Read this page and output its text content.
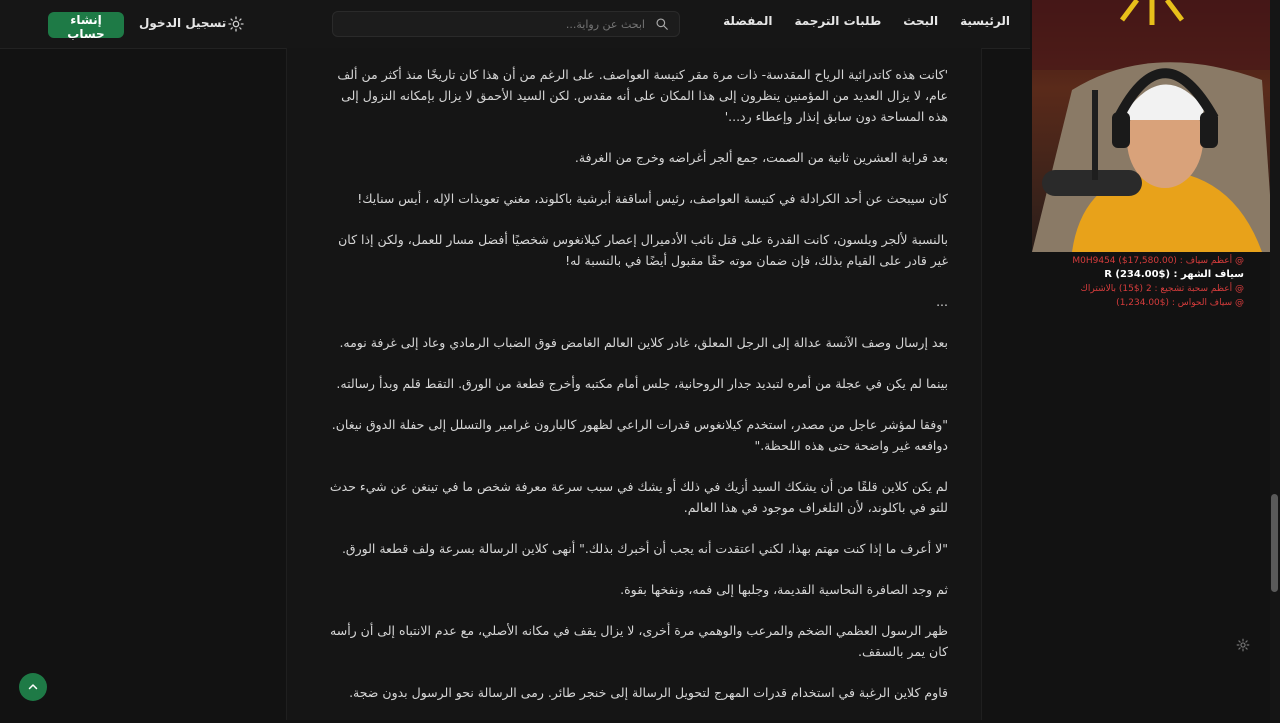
الرئيسية
البحث
طلبات الترجمة
المفضلة
ابحث عن رواية...
تسجيل الدخول
إنشاء حساب

'كانت هذه كاتدرائية الرياح المقدسة- ذات مرة مقر كنيسة العواصف. على الرغم من أن هذا كان تاريخًا منذ أكثر من ألف عام، لا يزال العديد من المؤمنين ينظرون إلى هذا المكان على أنه مقدس. لكن السيد الأحمق لا يزال بإمكانه النزول إلى هذه المساحة دون سابق إنذار وإعطاء رد...'

بعد قرابة العشرين ثانية من الصمت، جمع ألجر أغراضه وخرج من الغرفة.

كان سيبحث عن أحد الكرادلة في كنيسة العواصف، رئيس أساقفة أبرشية باكلوند، مغني تعويذات الإله ، أيس سنايك!

بالنسبة لألجر ويلسون، كانت القدرة على قتل نائب الأدميرال إعصار كيلانغوس شخصيًا أفضل مسار للعمل، ولكن إذا كان غير قادر على القيام بذلك، فإن ضمان موته حقًا مقبول أيضًا في بالنسبة له!

...

بعد إرسال وصف الآنسة عدالة إلى الرجل المعلق، غادر كلاين العالم الغامض فوق الضباب الرمادي وعاد إلى غرفة نومه.

بينما لم يكن في عجلة من أمره لتبديد جدار الروحانية، جلس أمام مكتبه وأخرج قطعة من الورق. التقط قلم وبدأ رسالته.

"وفقا لمؤشر عاجل من مصدر، استخدم كيلانغوس قدرات الراعي لظهور كالبارون غرامير والتسلل إلى حفلة الدوق نيغان. دوافعه غير واضحة حتى هذه اللحظة."

لم يكن كلاين قلقًا من أن يشكك السيد أزيك في ذلك أو يشك في سبب سرعة معرفة شخص ما في تينغن عن شيء حدث للتو في باكلوند، لأن التلغراف موجود في هذا العالم.

"لا أعرف ما إذا كنت مهتم بهذا، لكني اعتقدت أنه يجب أن أخبرك بذلك." أنهى كلاين الرسالة بسرعة ولف قطعة الورق.

ثم وجد الصافرة النحاسية القديمة، وجلبها إلى فمه، ونفخها بقوة.

ظهر الرسول العظمي الضخم والمرعب والوهمي مرة أخرى، لا يزال يقف في مكانه الأصلي، مع عدم الانتباه إلى أن رأسه كان يمر بالسقف.

قاوم كلاين الرغبة في استخدام قدرات المهرج لتحويل الرسالة إلى خنجر طائر. رمى الرسالة نحو الرسول بدون ضجة.

@ أعظم سياف : M0H9454 ($17,580.00)
سياف الشهر : ($234.00) R
@ أعظم سحبة تشجيع : 2 ($15) بالاشتراك
@ سياف الحواس : ($1,234.00)
